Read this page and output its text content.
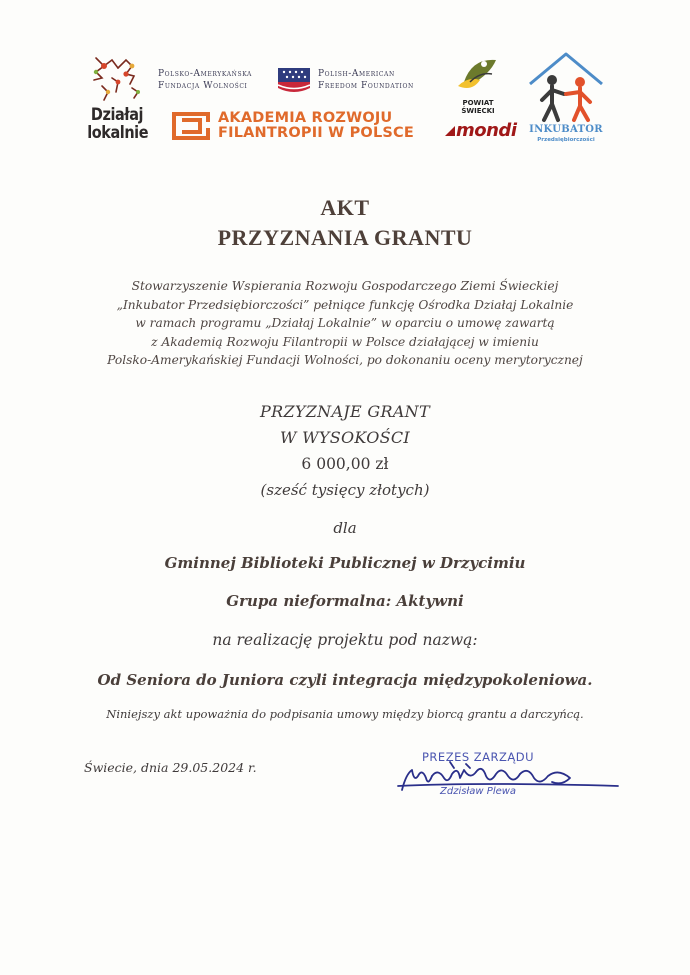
Działaj
lokalnie
Polsko-Amerykańska Fundacja Wolności
Polish-American Freedom Foundation
AKADEMIA ROZWOJU
FILANTROPII W POLSCE
POWIAT ŚWIECKI
mondi	INKUBATOR
Przedsiębiorczości
AKT
PRZYZNANIA GRANTU
Stowarzyszenie Wspierania Rozwoju Gospodarczego Ziemi Świeckiej
„Inkubator Przedsiębiorczości” pełniące funkcję Ośrodka Działaj Lokalnie
w ramach programu „Działaj Lokalnie” w oparciu o umowę zawartą
z Akademią Rozwoju Filantropii w Polsce działającej w imieniu
Polsko-Amerykańskiej Fundacji Wolności, po dokonaniu oceny merytorycznej
PRZYZNAJE GRANT
W WYSOKOŚCI
6 000,00 zł
(sześć tysięcy złotych)
dla
Gminnej Biblioteki Publicznej w Drzycimiu
Grupa nieformalna: Aktywni
na realizację projektu pod nazwą:
Od Seniora do Juniora czyli integracja międzypokoleniowa.
Niniejszy akt upoważnia do podpisania umowy między biorcą grantu a darczyńcą.
Świecie, dnia 29.05.2024 r.
PREZES ZARZĄDU
Zdzisław Plewa
